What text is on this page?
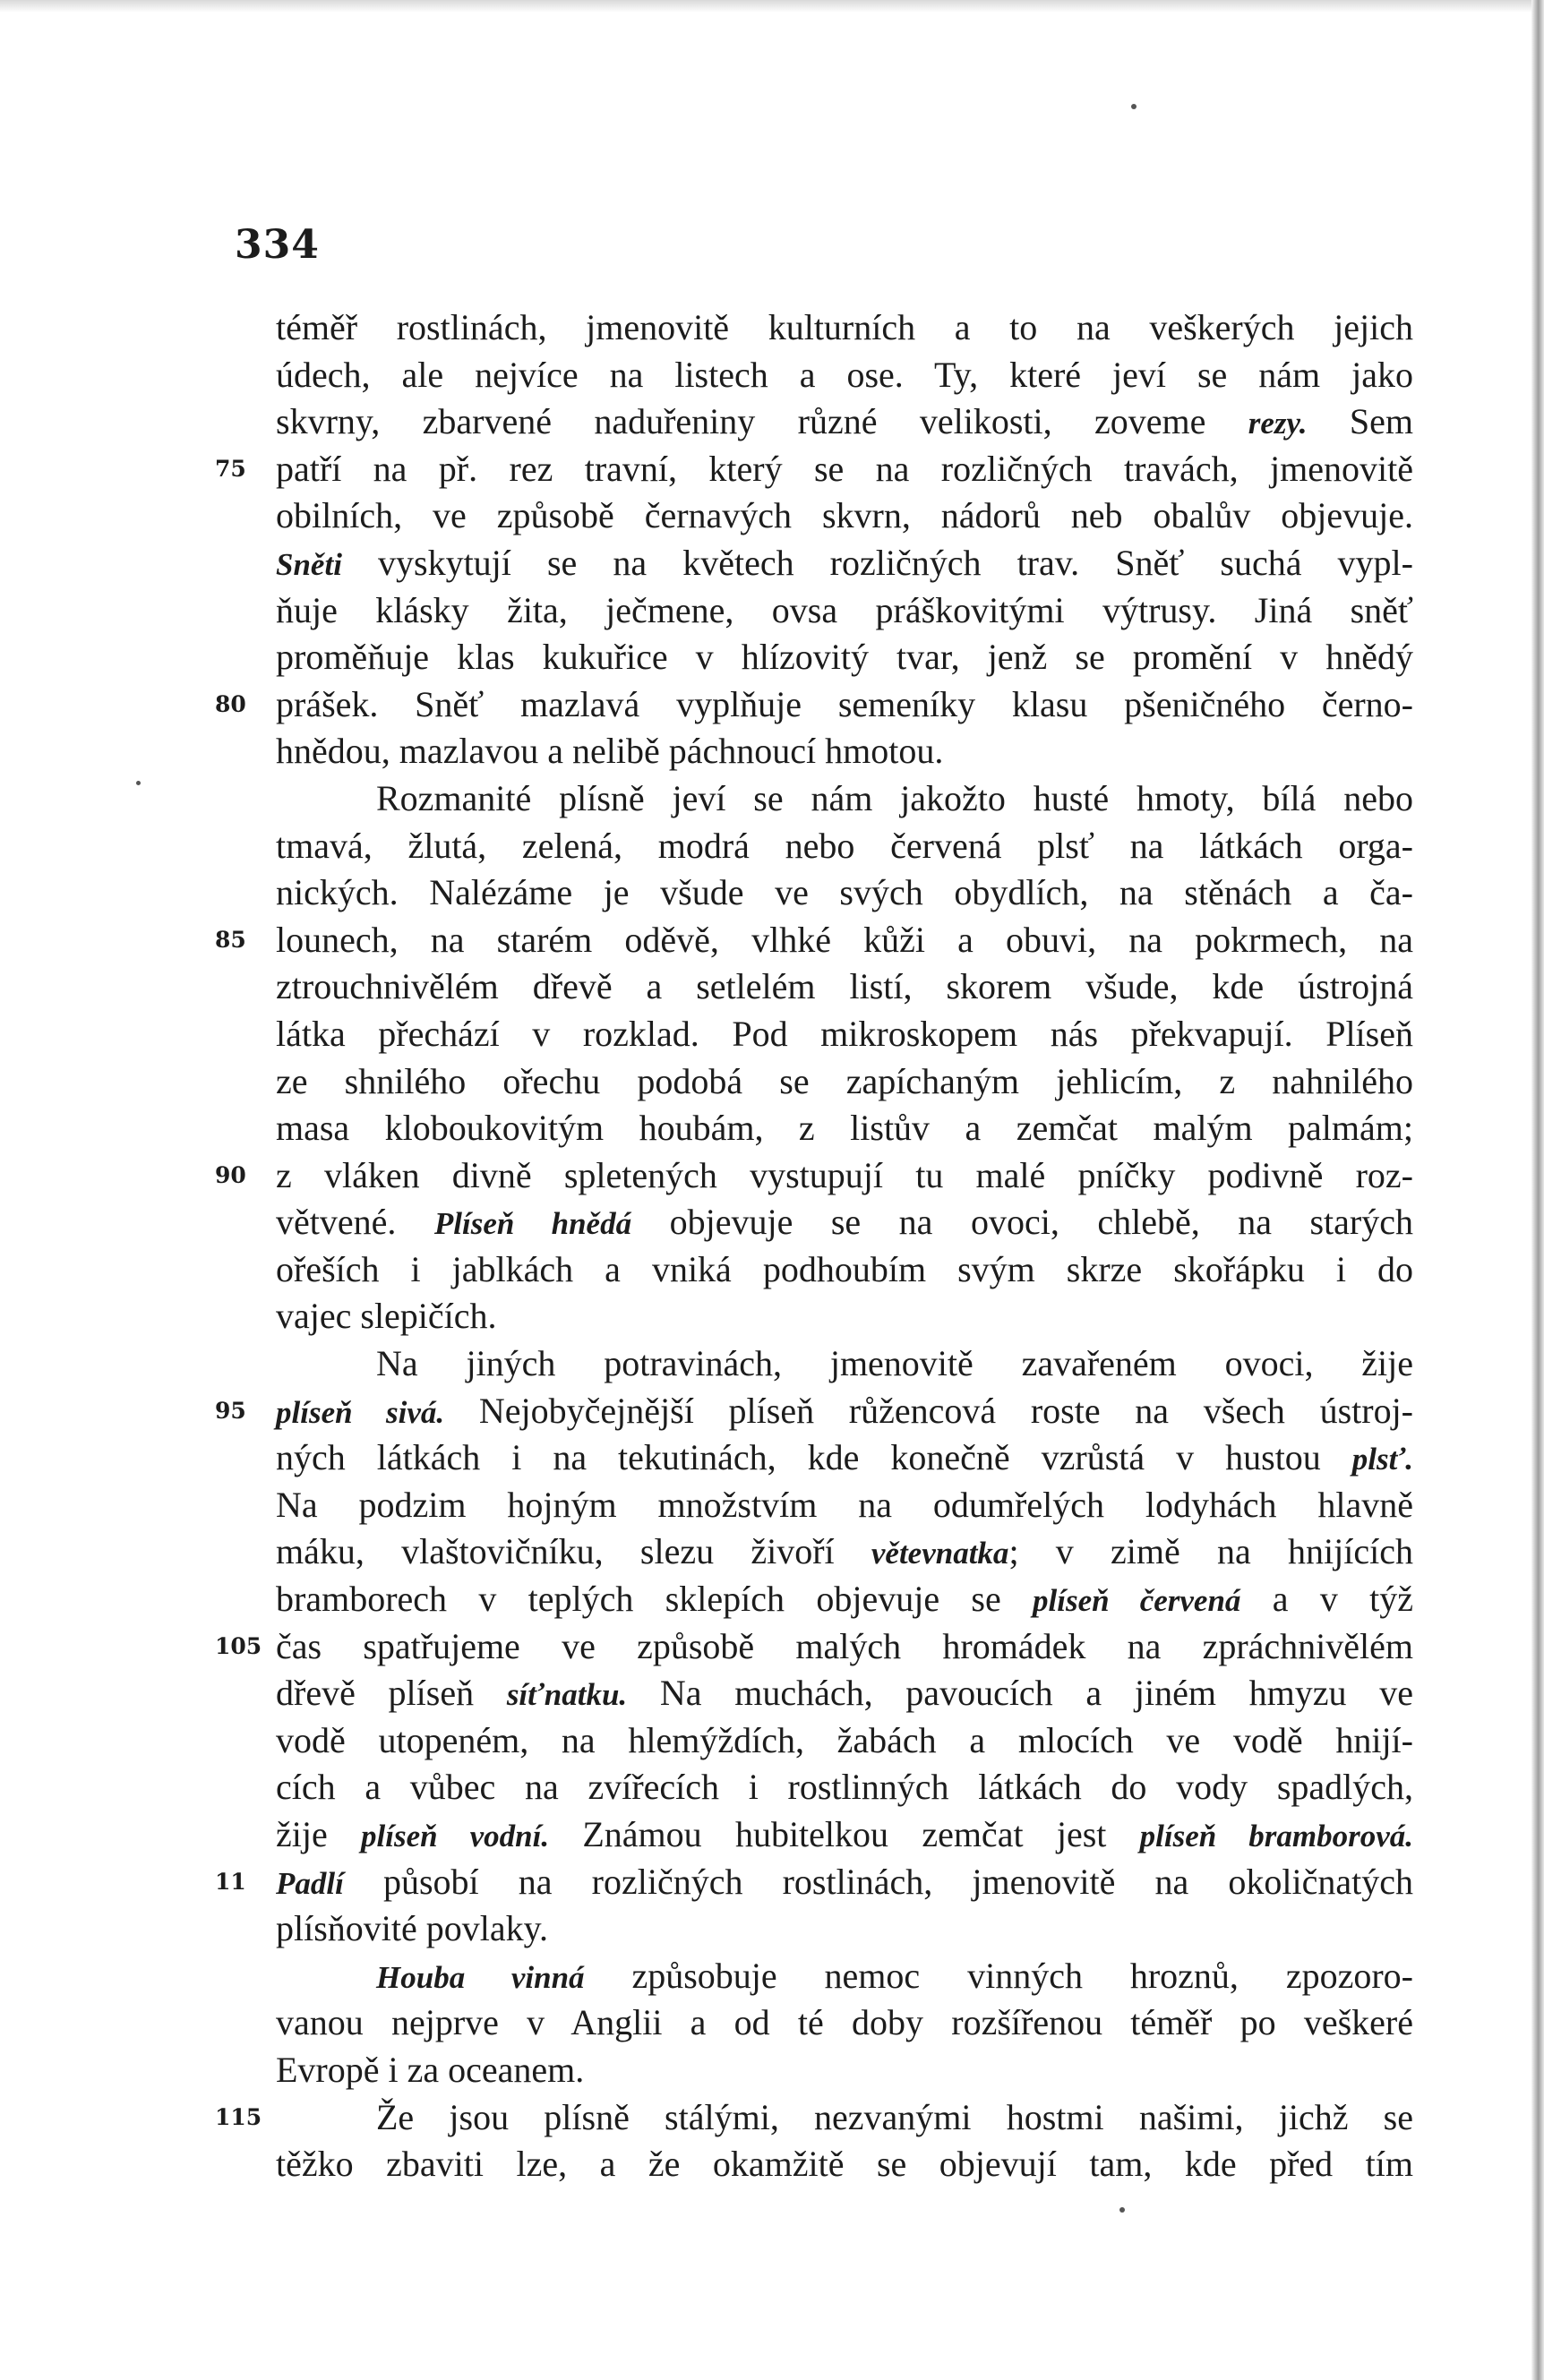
334
téměř rostlinách, jmenovitě kulturních a to na veškerých jejich
údech, ale nejvíce na listech a ose. Ty, které jeví se nám jako
skvrny, zbarvené naduřeniny různé velikosti, zoveme rezy. Sem
75 patří na př. rez travní, který se na rozličných travách, jmenovitě
obilních, ve způsobě černavých skvrn, nádorů neb obalův objevuje.
Sněti vyskytují se na květech rozličných trav. Sněť suchá vypl-
ňuje klásky žita, ječmene, ovsa práškovitými výtrusy. Jiná sněť
proměňuje klas kukuřice v hlízovitý tvar, jenž se promění v hnědý
80 prášek. Sněť mazlavá vyplňuje semeníky klasu pšeničného černo-
hnědou, mazlavou a nelibě páchnoucí hmotou.
Rozmanité plísně jeví se nám jakožto husté hmoty, bílá nebo
tmavá, žlutá, zelená, modrá nebo červená plsť na látkách orga-
nických. Nalézáme je všude ve svých obydlích, na stěnách a ča-
85 lounech, na starém oděvě, vlhké kůži a obuvi, na pokrmech, na
ztrouchnivělém dřevě a setlelém listí, skorem všude, kde ústrojná
látka přechází v rozklad. Pod mikroskopem nás překvapují. Plíseň
ze shnilého ořechu podobá se zapíchaným jehlicím, z nahnilého
masa kloboukovitým houbám, z listův a zemčat malým palmám;
90 z vláken divně spletených vystupují tu malé pníčky podivně roz-
větvené. Plíseň hnědá objevuje se na ovoci, chlebě, na starých
ořeších i jablkách a vniká podhoubím svým skrze skořápku i do
vajec slepičích.
Na jiných potravinách, jmenovitě zavařeném ovoci, žije
95 plíseň sivá. Nejobyčejnější plíseň růžencová roste na všech ústroj-
ných látkách i na tekutinách, kde konečně vzrůstá v hustou plsť.
Na podzim hojným množstvím na odumřelých lodyhách hlavně
máku, vlaštovičníku, slezu živoří větevnatka; v zimě na hnijících
bramborech v teplých sklepích objevuje se plíseň červená a v týž
105 čas spatřujeme ve způsobě malých hromádek na zpráchnivělém
dřevě plíseň síťnatku. Na muchách, pavoucích a jiném hmyzu ve
vodě utopeném, na hlemýždích, žabách a mlocích ve vodě hnijí-
cích a vůbec na zvířecích i rostlinných látkách do vody spadlých,
žije plíseň vodní. Známou hubitelkou zemčat jest plíseň bramborová.
11 Padlí působí na rozličných rostlinách, jmenovitě na okoličnatých
plísňovité povlaky.
Houba vinná způsobuje nemoc vinných hroznů, zpozoro-
vanou nejprve v Anglii a od té doby rozšířenou téměř po veškeré
Evropě i za oceanem.
115	Že jsou plísně stálými, nezvanými hostmi našimi, jichž se
těžko zbaviti lze, a že okamžitě se objevují tam, kde před tím
